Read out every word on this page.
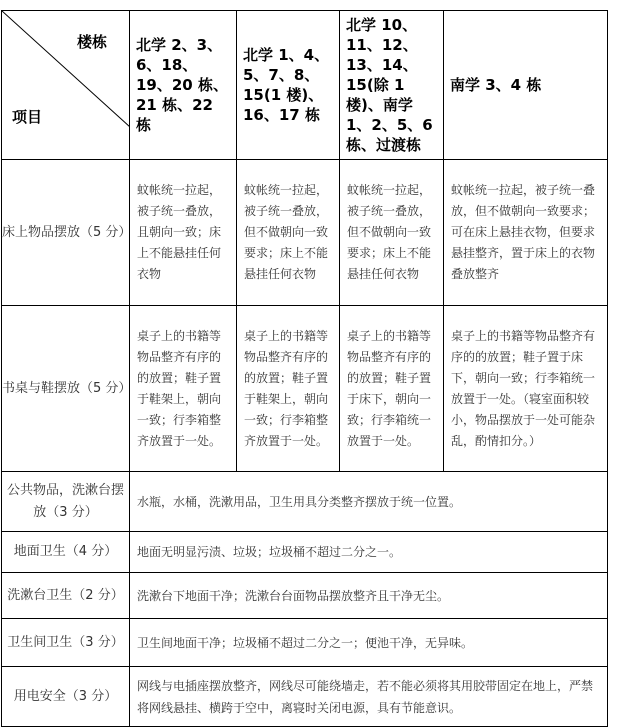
楼栋
项目	北学 2、3、6、18、19、20 栋、21 栋、22 栋	北学 1、4、5、7、8、15(1 楼)、16、17 栋	北学 10、11、12、13、14、15(除 1 楼)、南学 1、2、5、6 栋、过渡栋	南学 3、4 栋
床上物品摆放（5 分）	蚊帐统一拉起，被子统一叠放，且朝向一致；床上不能悬挂任何衣物	蚊帐统一拉起，被子统一叠放，但不做朝向一致要求；床上不能悬挂任何衣物	蚊帐统一拉起，被子统一叠放，但不做朝向一致要求；床上不能悬挂任何衣物	蚊帐统一拉起，被子统一叠放，但不做朝向一致要求；可在床上悬挂衣物，但要求悬挂整齐，置于床上的衣物叠放整齐
书桌与鞋摆放（5 分）	桌子上的书籍等物品整齐有序的的放置；鞋子置于鞋架上，朝向一致；行李箱整齐放置于一处。	桌子上的书籍等物品整齐有序的的放置；鞋子置于鞋架上，朝向一致；行李箱整齐放置于一处。	桌子上的书籍等物品整齐有序的的放置；鞋子置于床下，朝向一致；行李箱统一放置于一处。	桌子上的书籍等物品整齐有序的的放置；鞋子置于床下，朝向一致；行李箱统一放置于一处。（寝室面积较小，物品摆放于一处可能杂乱，酌情扣分。）
公共物品，洗漱台摆放（3 分）	水瓶，水桶，洗漱用品，卫生用具分类整齐摆放于统一位置。			
地面卫生（4 分）	地面无明显污渍、垃圾；垃圾桶不超过二分之一。			
洗漱台卫生（2 分）	洗漱台下地面干净；洗漱台台面物品摆放整齐且干净无尘。			
卫生间卫生（3 分）	卫生间地面干净；垃圾桶不超过二分之一；便池干净，无异味。			
用电安全（3 分）	网线与电插座摆放整齐，网线尽可能绕墙走，若不能必须将其用胶带固定在地上，严禁将网线悬挂、横跨于空中，离寝时关闭电源，具有节能意识。			
